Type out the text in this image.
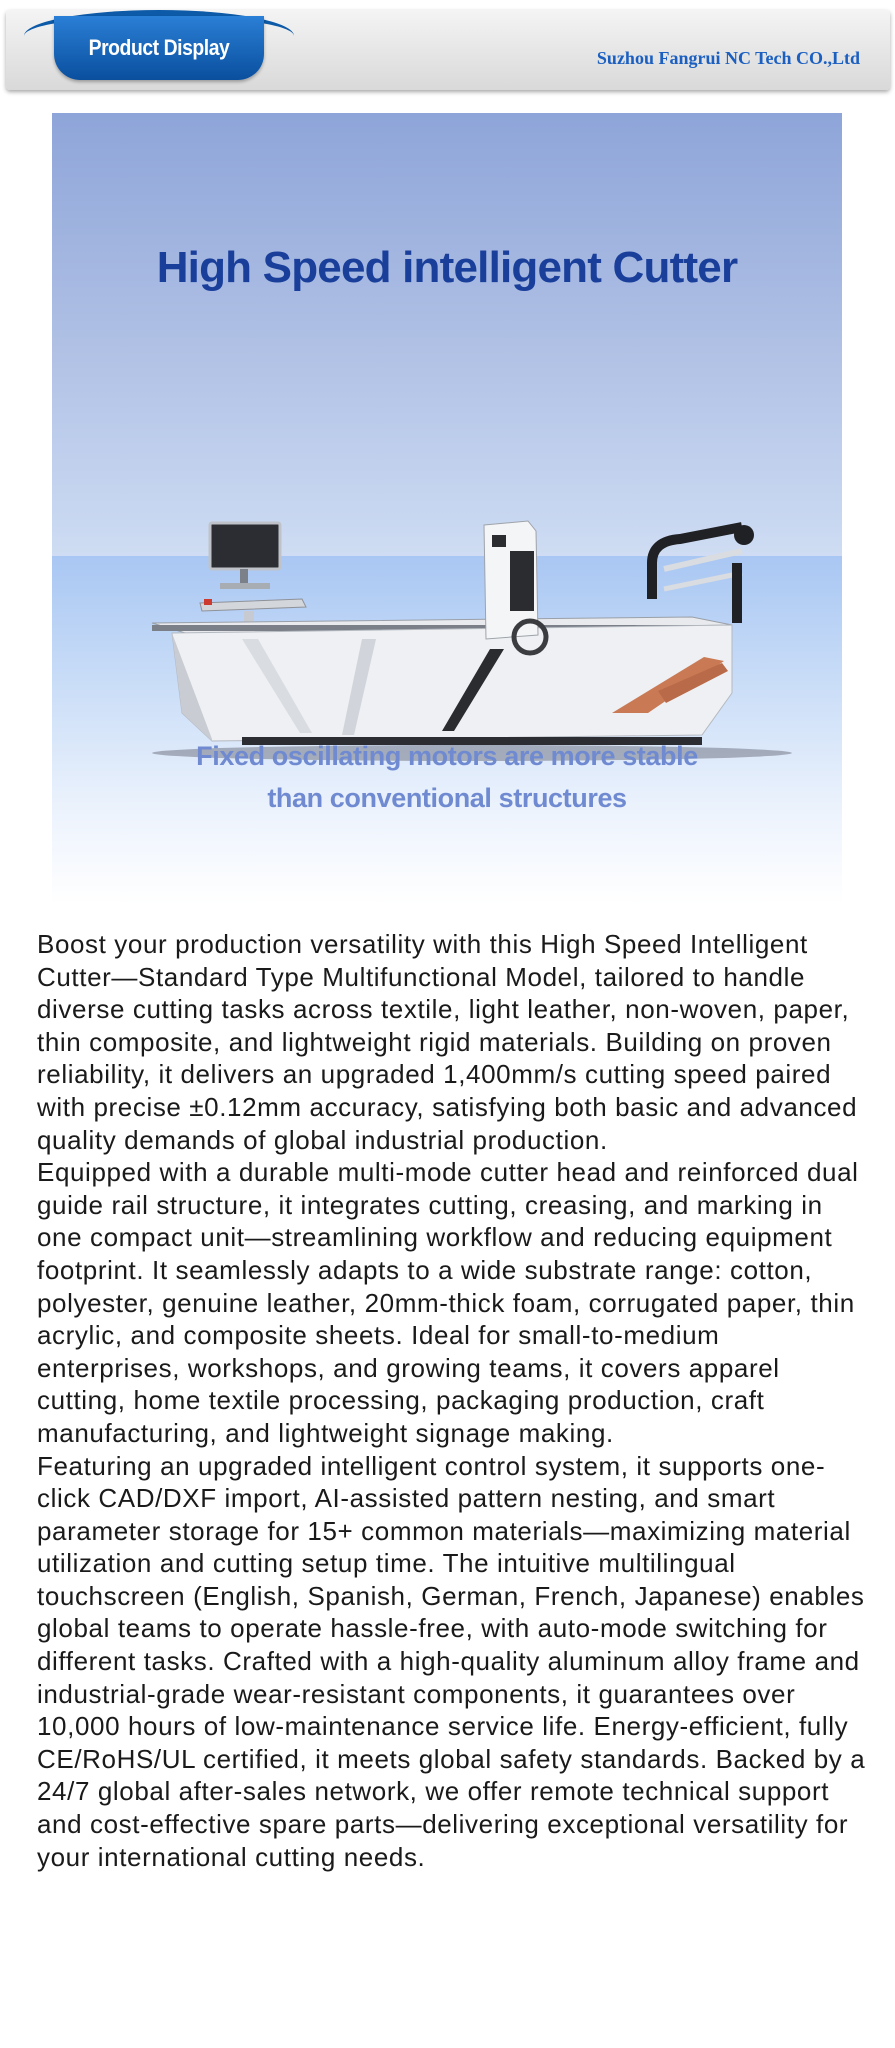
Product Display	Suzhou Fangrui NC Tech CO.,Ltd
High Speed intelligent Cutter
Fixed oscillating motors are more stable
than conventional structures

Boost your production versatility with this High Speed Intelligent Cutter—Standard Type Multifunctional Model, tailored to handle diverse cutting tasks across textile, light leather, non-woven, paper, thin composite, and lightweight rigid materials. Building on proven reliability, it delivers an upgraded 1,400mm/s cutting speed paired with precise ±0.12mm accuracy, satisfying both basic and advanced quality demands of global industrial production.

Equipped with a durable multi-mode cutter head and reinforced dual guide rail structure, it integrates cutting, creasing, and marking in one compact unit—streamlining workflow and reducing equipment footprint. It seamlessly adapts to a wide substrate range: cotton, polyester, genuine leather, 20mm-thick foam, corrugated paper, thin acrylic, and composite sheets. Ideal for small-to-medium enterprises, workshops, and growing teams, it covers apparel cutting, home textile processing, packaging production, craft manufacturing, and lightweight signage making.

Featuring an upgraded intelligent control system, it supports one-click CAD/DXF import, AI-assisted pattern nesting, and smart parameter storage for 15+ common materials—maximizing material utilization and cutting setup time. The intuitive multilingual touchscreen (English, Spanish, German, French, Japanese) enables global teams to operate hassle-free, with auto-mode switching for different tasks. Crafted with a high-quality aluminum alloy frame and industrial-grade wear-resistant components, it guarantees over 10,000 hours of low-maintenance service life. Energy-efficient, fully CE/RoHS/UL certified, it meets global safety standards. Backed by a 24/7 global after-sales network, we offer remote technical support and cost-effective spare parts—delivering exceptional versatility for your international cutting needs.
